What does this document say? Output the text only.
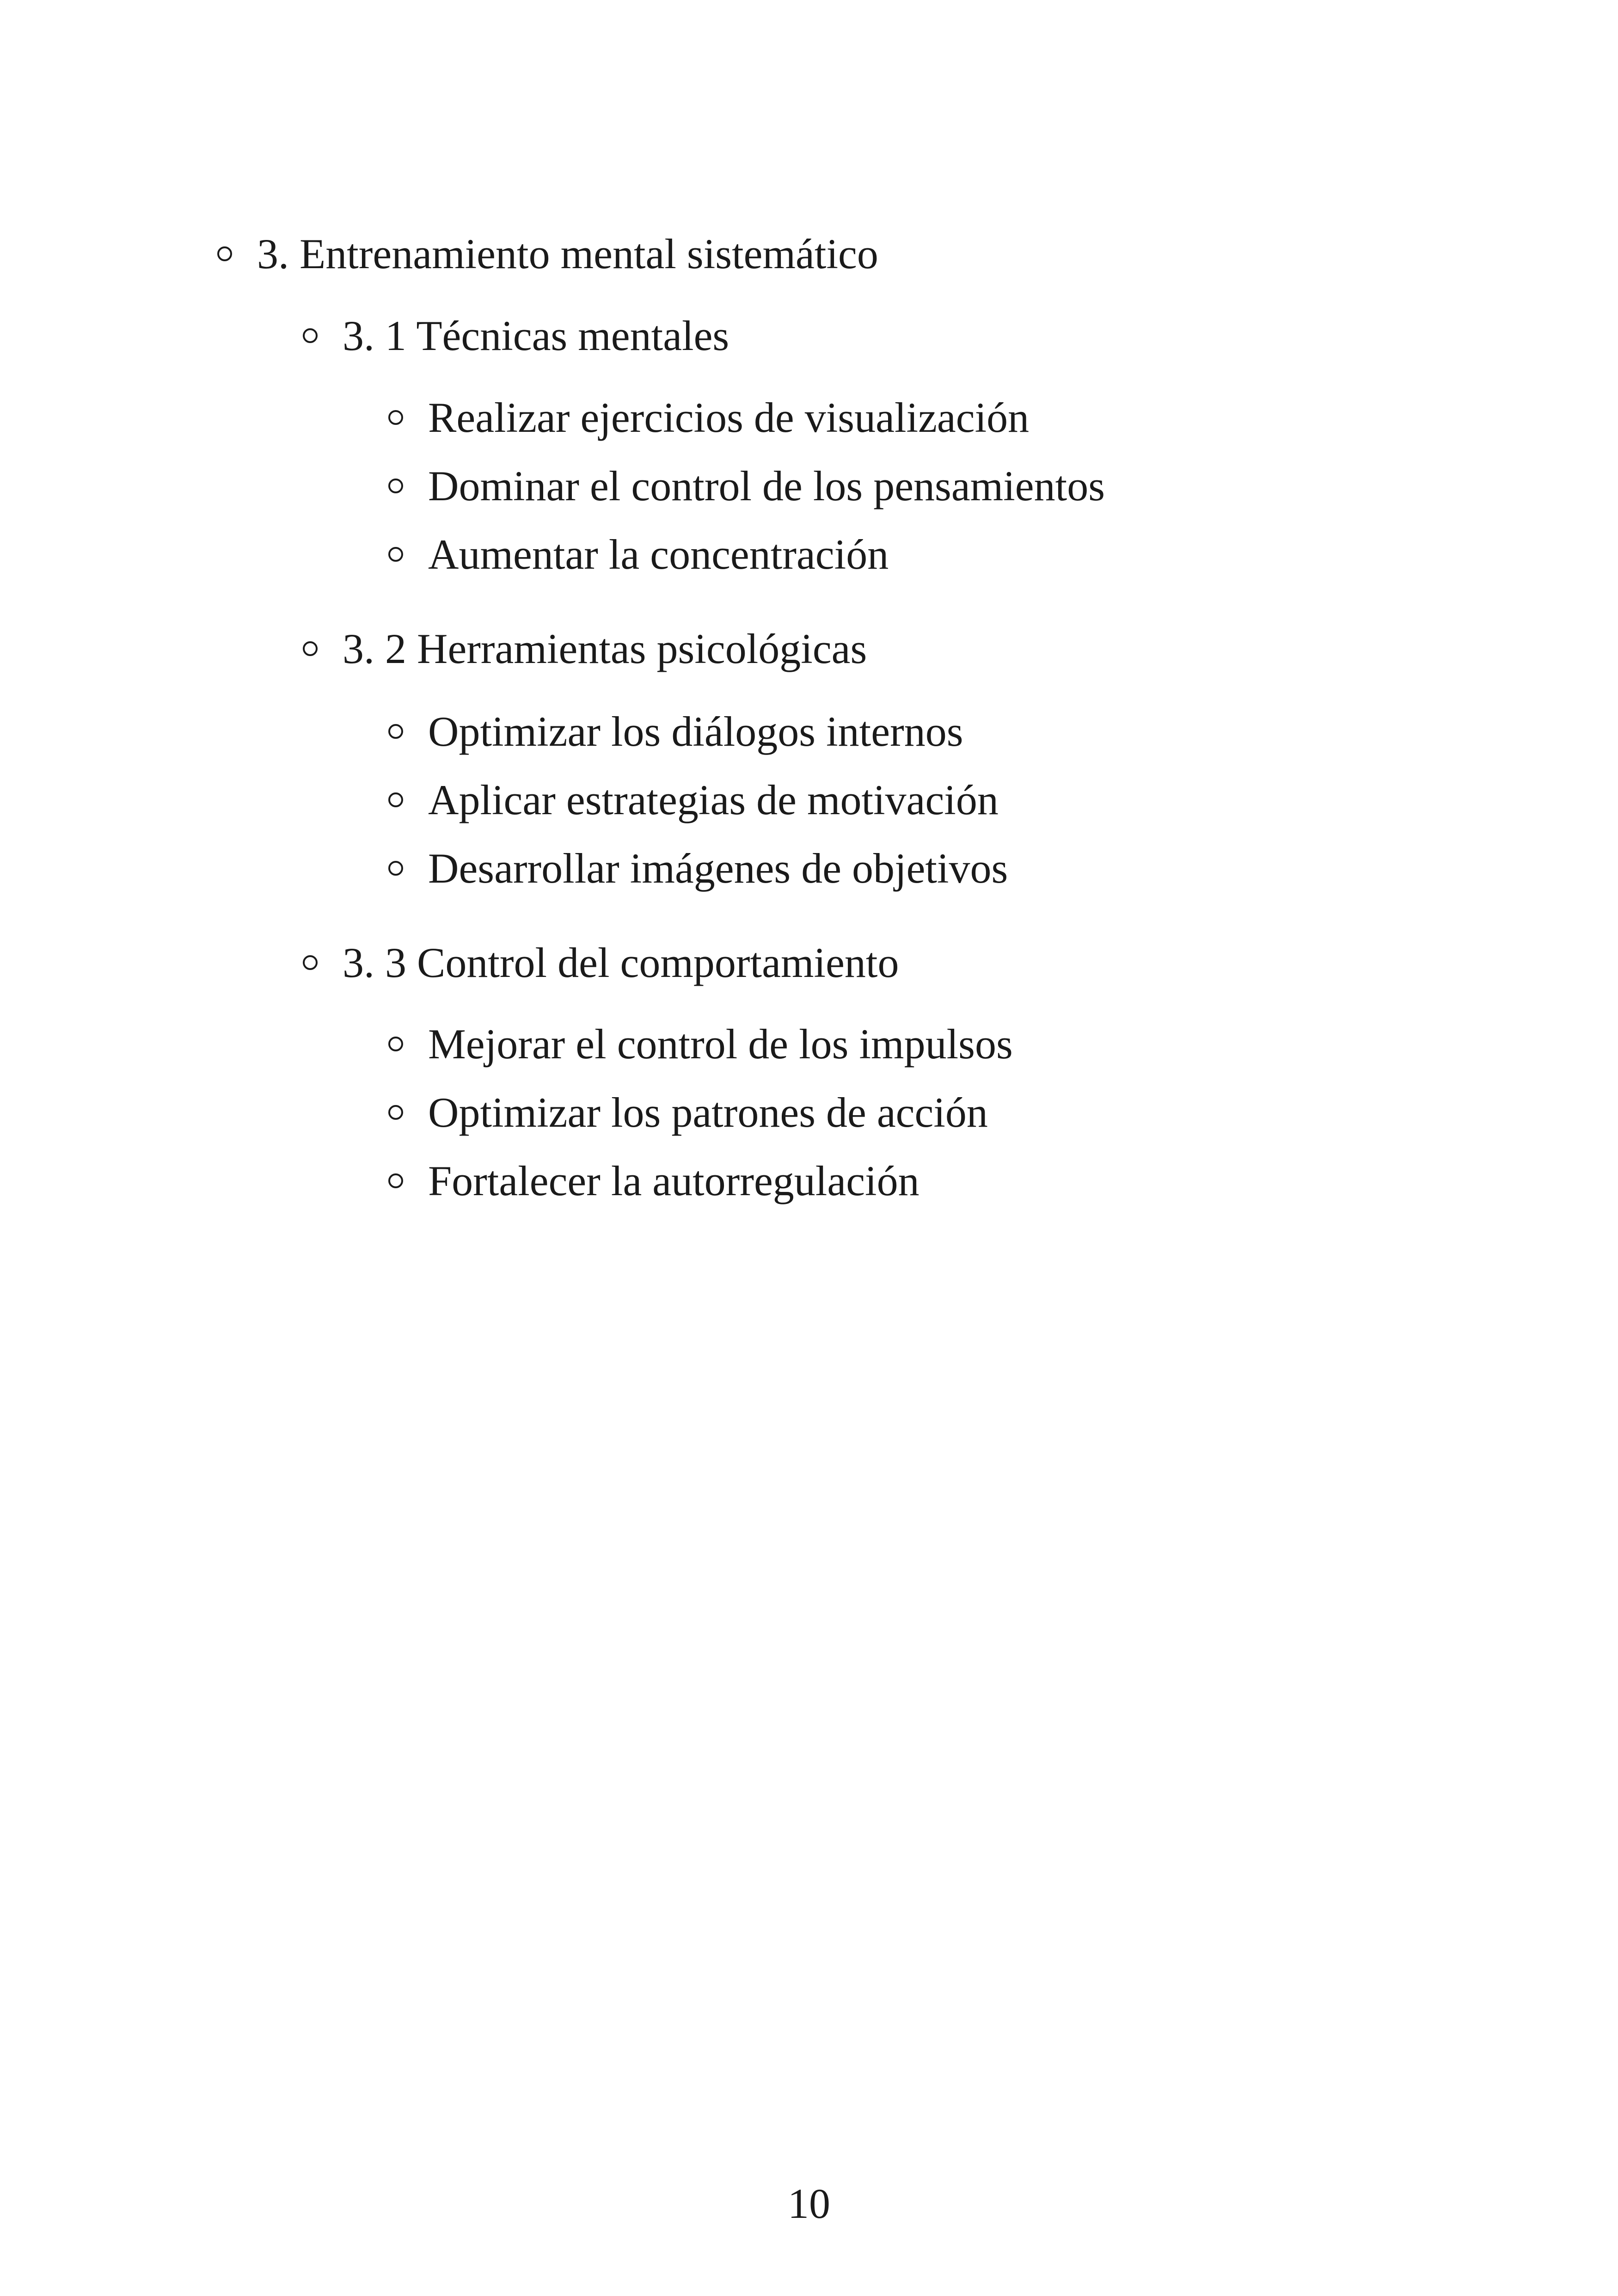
3. Entrenamiento mental sistemático
3. 1 Técnicas mentales
Realizar ejercicios de visualización
Dominar el control de los pensamientos
Aumentar la concentración
3. 2 Herramientas psicológicas
Optimizar los diálogos internos
Aplicar estrategias de motivación
Desarrollar imágenes de objetivos
3. 3 Control del comportamiento
Mejorar el control de los impulsos
Optimizar los patrones de acción
Fortalecer la autorregulación
10
